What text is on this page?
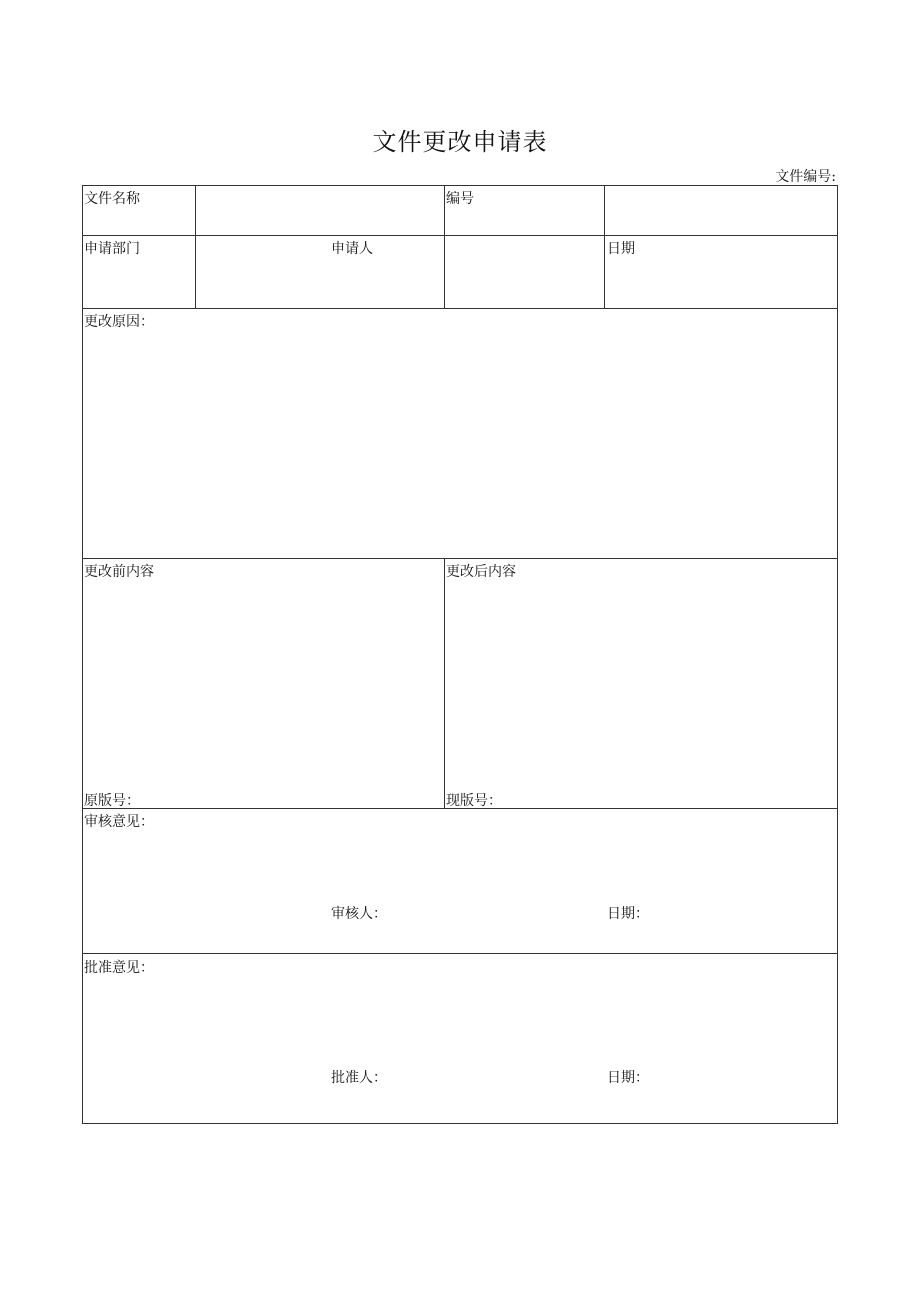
文件更改申请表
文件编号:
文件名称	编号
申请部门	申请人	日期
更改原因：
更改前内容	更改后内容
原版号：	现版号：
审核意见：
审核人：	日期：
批准意见：
批准人：	日期：
